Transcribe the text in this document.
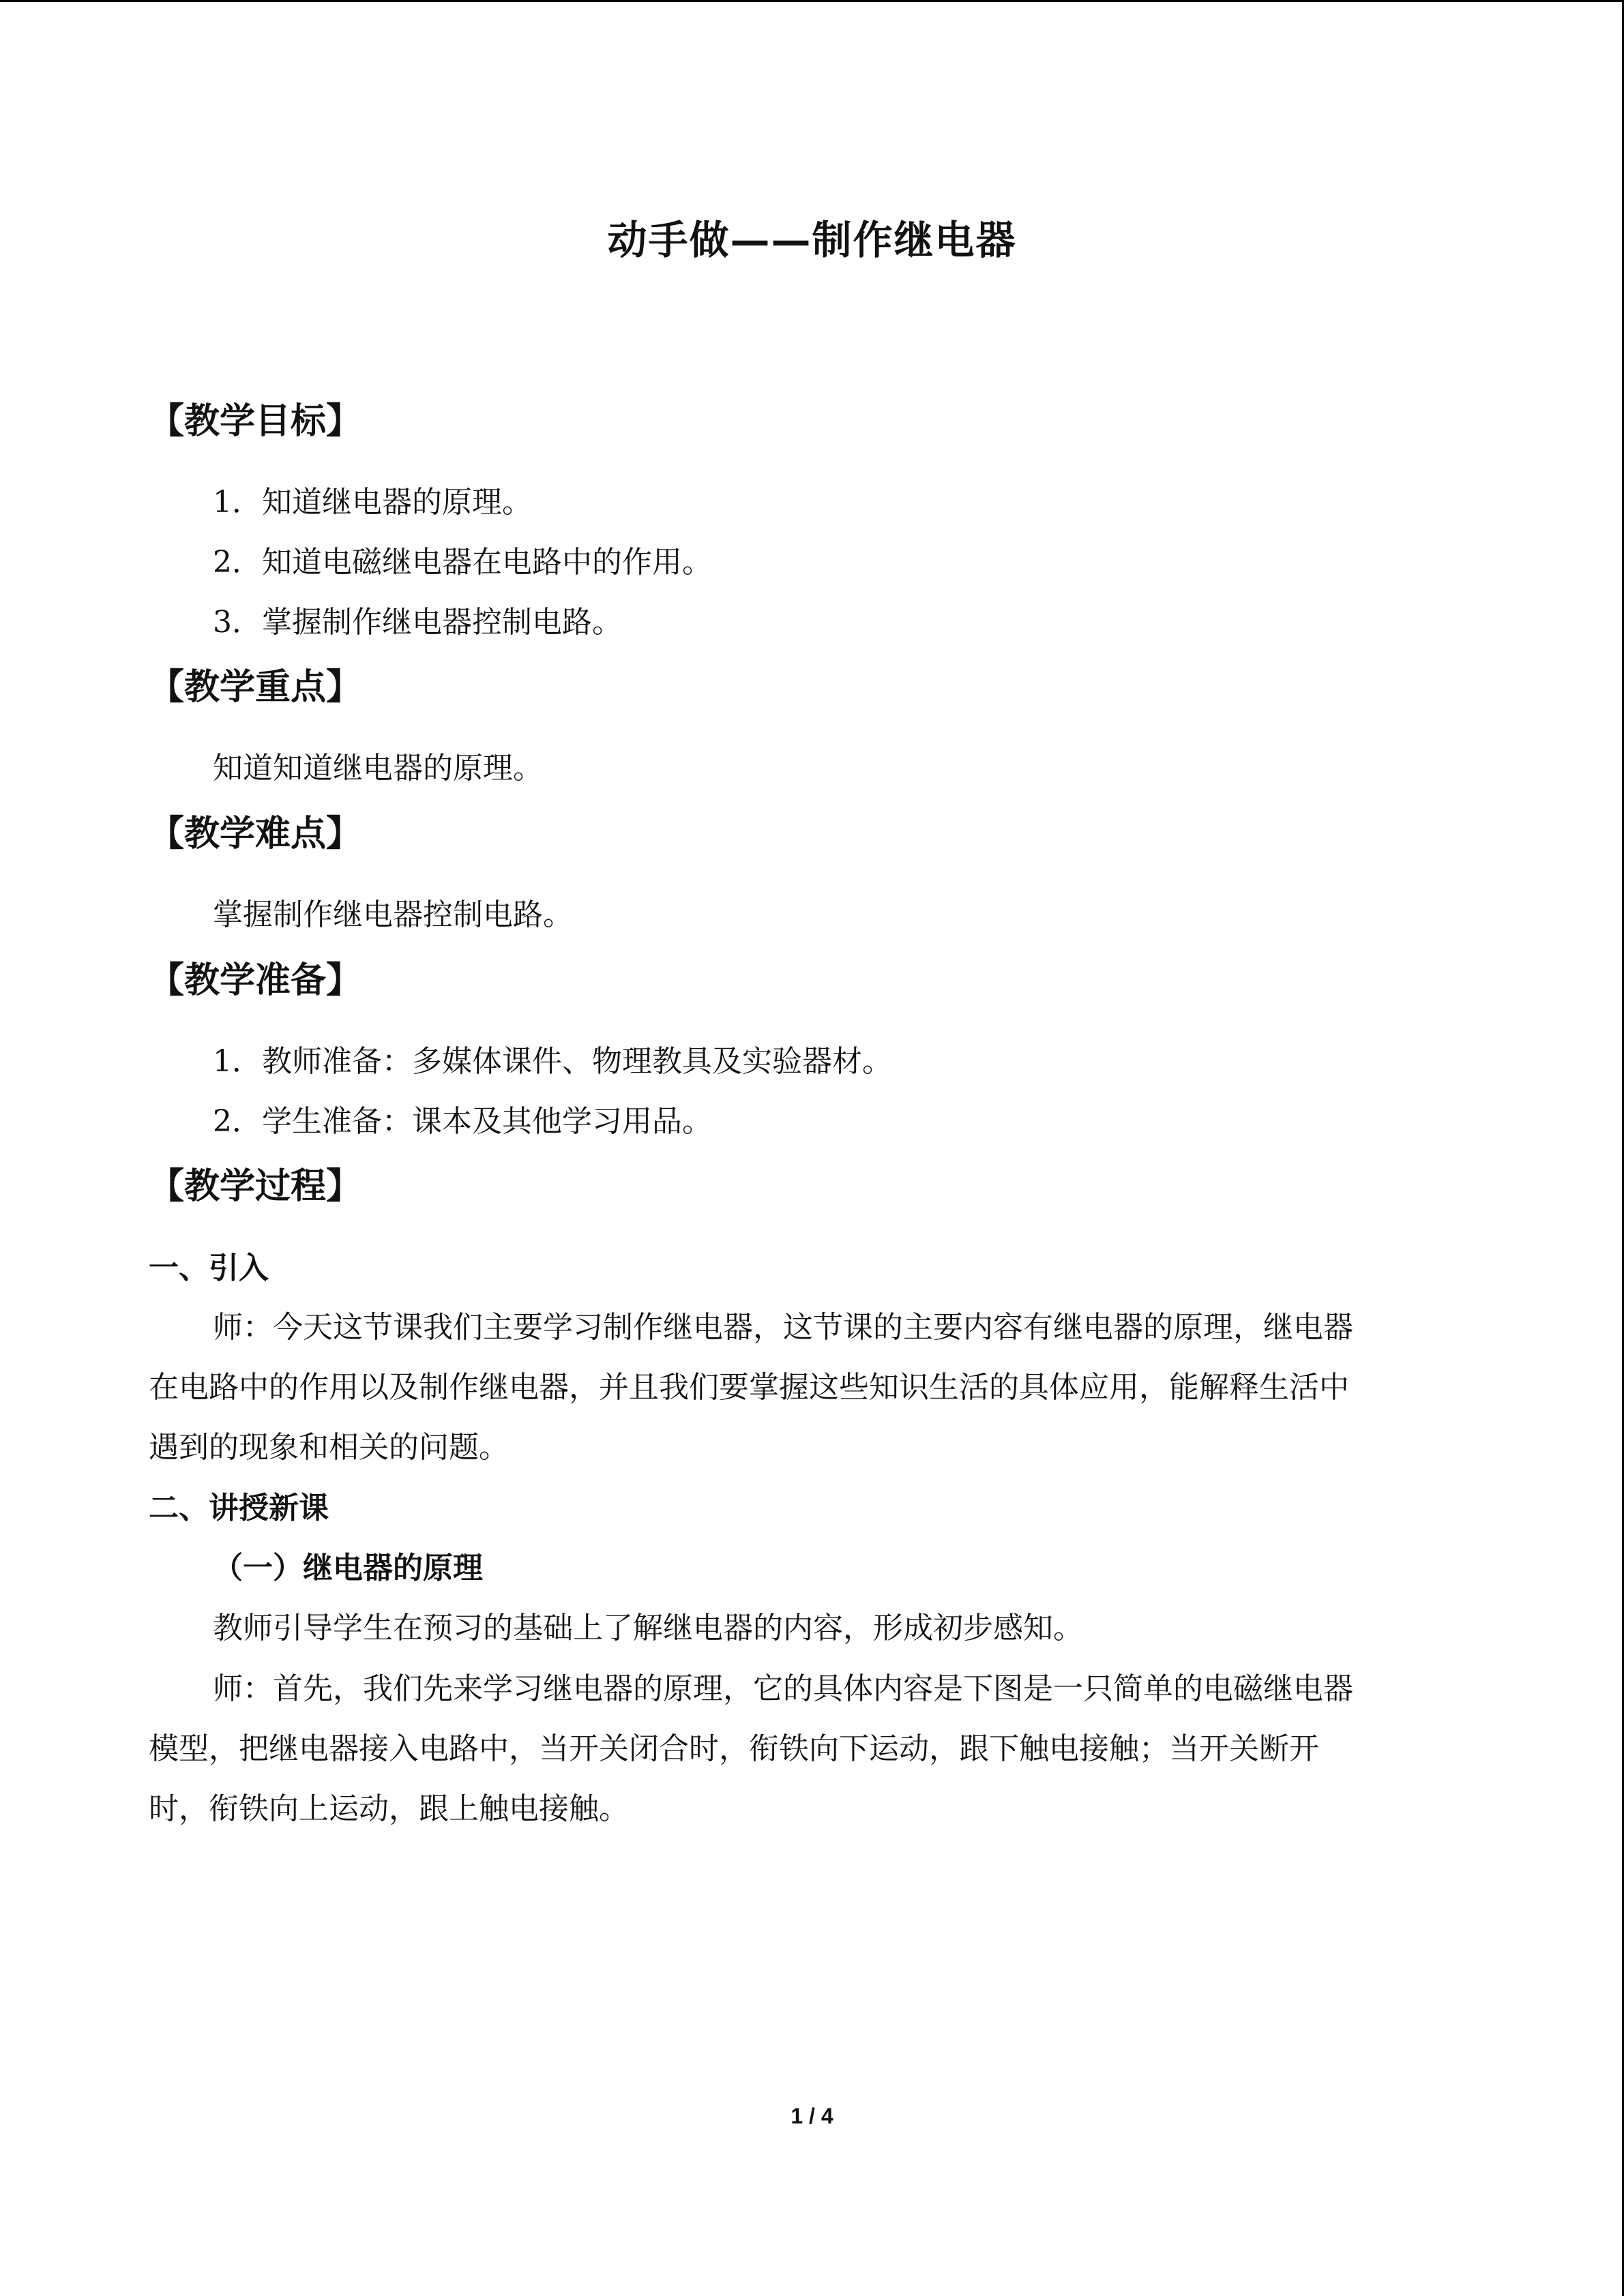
动手做——制作继电器
【教学目标】
1．知道继电器的原理。
2．知道电磁继电器在电路中的作用。
3．掌握制作继电器控制电路。
【教学重点】
知道知道继电器的原理。
【教学难点】
掌握制作继电器控制电路。
【教学准备】
1．教师准备：多媒体课件、物理教具及实验器材。
2．学生准备：课本及其他学习用品。
【教学过程】
一、引入
师：今天这节课我们主要学习制作继电器，这节课的主要内容有继电器的原理，继电器
在电路中的作用以及制作继电器，并且我们要掌握这些知识生活的具体应用，能解释生活中
遇到的现象和相关的问题。
二、讲授新课
（一）继电器的原理
教师引导学生在预习的基础上了解继电器的内容，形成初步感知。
师：首先，我们先来学习继电器的原理，它的具体内容是下图是一只简单的电磁继电器
模型，把继电器接入电路中，当开关闭合时，衔铁向下运动，跟下触电接触；当开关断开
时，衔铁向上运动，跟上触电接触。
1 / 4
